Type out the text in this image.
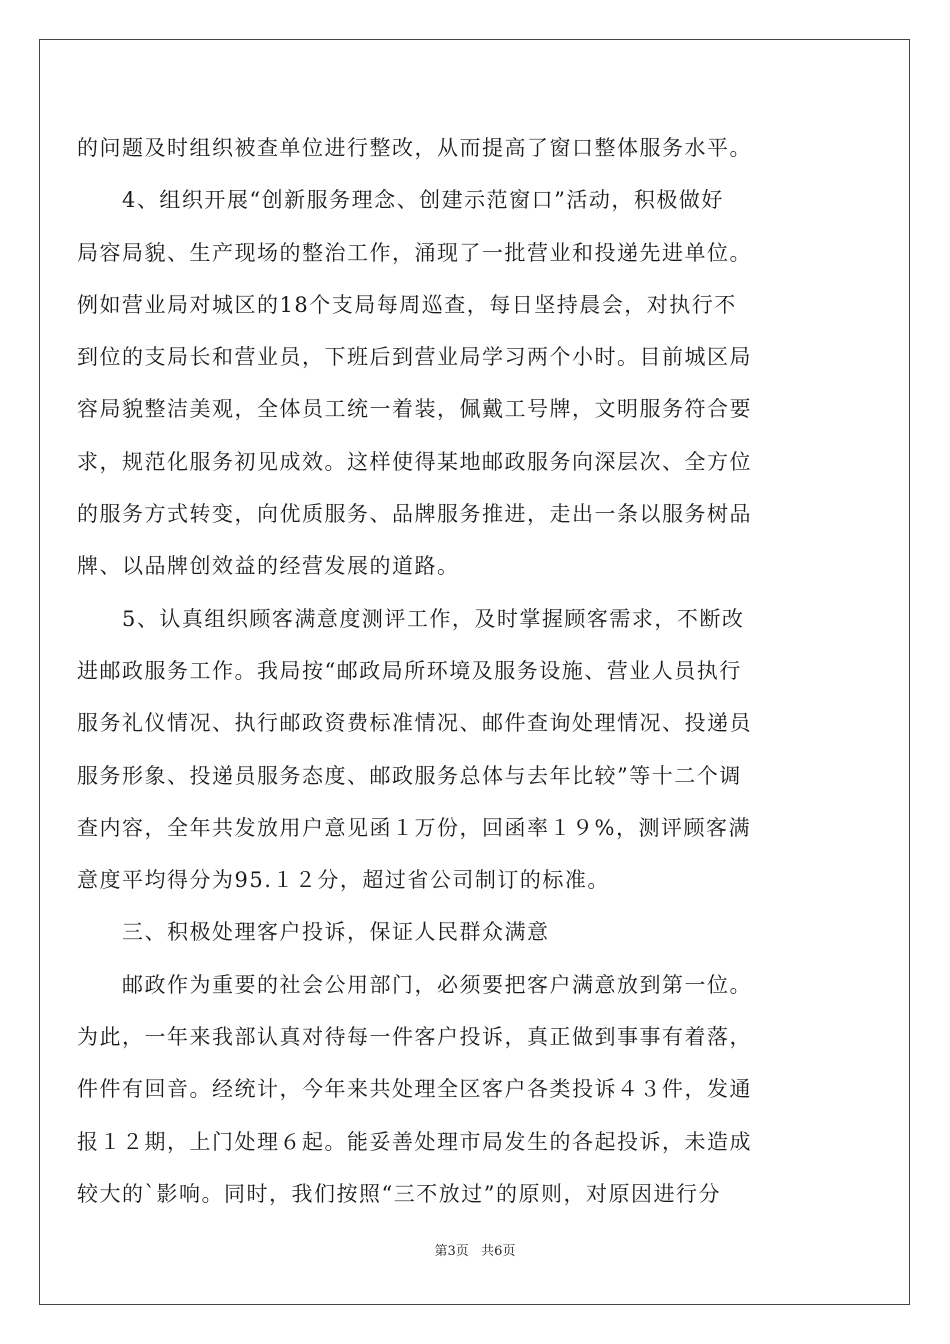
的问题及时组织被查单位进行整改，从而提高了窗口整体服务水平。
　　4、组织开展“创新服务理念、创建示范窗口”活动，积极做好
局容局貌、生产现场的整治工作，涌现了一批营业和投递先进单位。
例如营业局对城区的18个支局每周巡查，每日坚持晨会，对执行不
到位的支局长和营业员，下班后到营业局学习两个小时。目前城区局
容局貌整洁美观，全体员工统一着装，佩戴工号牌，文明服务符合要
求，规范化服务初见成效。这样使得某地邮政服务向深层次、全方位
的服务方式转变，向优质服务、品牌服务推进，走出一条以服务树品
牌、以品牌创效益的经营发展的道路。
　　5、认真组织顾客满意度测评工作，及时掌握顾客需求，不断改
进邮政服务工作。我局按“邮政局所环境及服务设施、营业人员执行
服务礼仪情况、执行邮政资费标准情况、邮件查询处理情况、投递员
服务形象、投递员服务态度、邮政服务总体与去年比较”等十二个调
查内容，全年共发放用户意见函１万份，回函率１９%，测评顾客满
意度平均得分为95.１２分，超过省公司制订的标准。
　　三、积极处理客户投诉，保证人民群众满意
　　邮政作为重要的社会公用部门，必须要把客户满意放到第一位。
为此，一年来我部认真对待每一件客户投诉，真正做到事事有着落，
件件有回音。经统计，今年来共处理全区客户各类投诉４３件，发通
报１２期，上门处理６起。能妥善处理市局发生的各起投诉，未造成
较大的`影响。同时，我们按照“三不放过”的原则，对原因进行分
第3页   共6页
